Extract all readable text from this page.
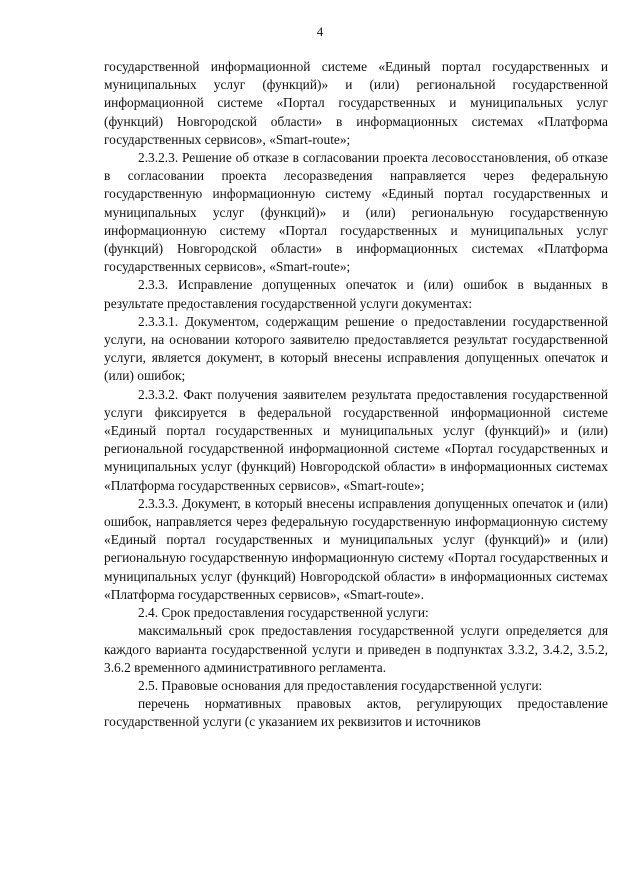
4

государственной информационной системе «Единый портал государственных и муниципальных услуг (функций)» и (или) региональной государственной информационной системе «Портал государственных и муниципальных услуг (функций) Новгородской области» в информационных системах «Платформа государственных сервисов», «Smart-route»;

2.3.2.3. Решение об отказе в согласовании проекта лесовосстановления, об отказе в согласовании проекта лесоразведения направляется через федеральную государственную информационную систему «Единый портал государственных и муниципальных услуг (функций)» и (или) региональную государственную информационную систему «Портал государственных и муниципальных услуг (функций) Новгородской области» в информационных системах «Платформа государственных сервисов», «Smart-route»;

2.3.3. Исправление допущенных опечаток и (или) ошибок в выданных в результате предоставления государственной услуги документах:

2.3.3.1. Документом, содержащим решение о предоставлении государственной услуги, на основании которого заявителю предоставляется результат государственной услуги, является документ, в который внесены исправления допущенных опечаток и (или) ошибок;

2.3.3.2. Факт получения заявителем результата предоставления государственной услуги фиксируется в федеральной государственной информационной системе «Единый портал государственных и муниципальных услуг (функций)» и (или) региональной государственной информационной системе «Портал государственных и муниципальных услуг (функций) Новгородской области» в информационных системах «Платформа государственных сервисов», «Smart-route»;

2.3.3.3. Документ, в который внесены исправления допущенных опечаток и (или) ошибок, направляется через федеральную государственную информационную систему «Единый портал государственных и муниципальных услуг (функций)» и (или) региональную государственную информационную систему «Портал государственных и муниципальных услуг (функций) Новгородской области» в информационных системах «Платформа государственных сервисов», «Smart-route».

2.4. Срок предоставления государственной услуги:

максимальный срок предоставления государственной услуги определяется для каждого варианта государственной услуги и приведен в подпунктах 3.3.2, 3.4.2, 3.5.2, 3.6.2 временного административного регламента.

2.5. Правовые основания для предоставления государственной услуги:

перечень нормативных правовых актов, регулирующих предоставление государственной услуги (с указанием их реквизитов и источников
